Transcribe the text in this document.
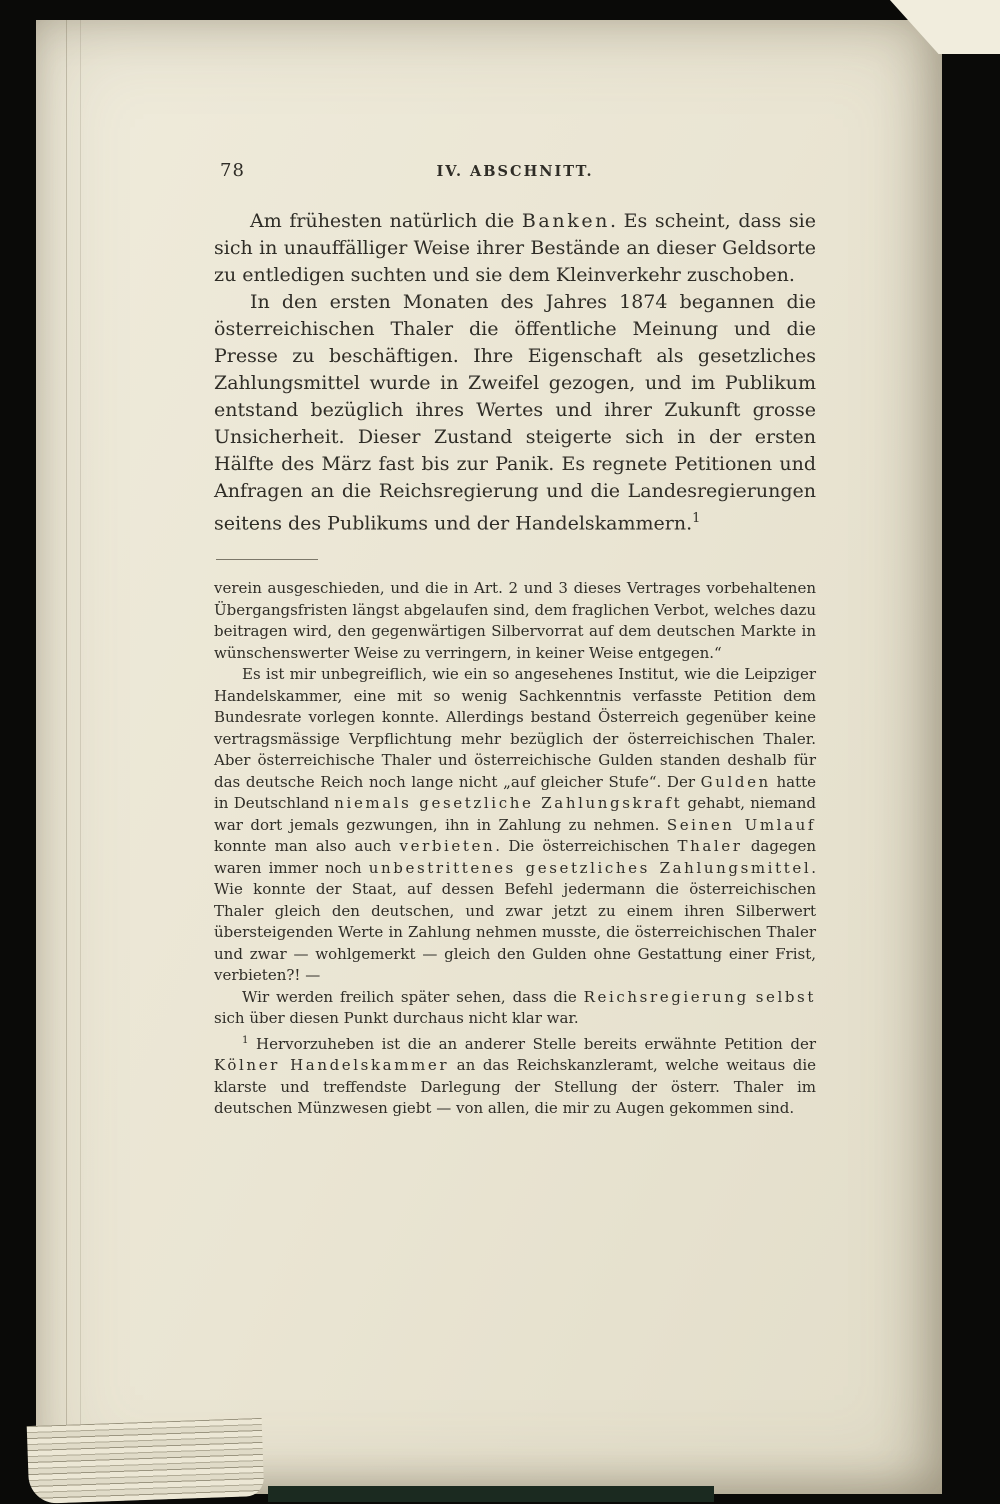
78	IV. ABSCHNITT.

Am frühesten natürlich die Banken. Es scheint, dass sie sich in unauffälliger Weise ihrer Bestände an dieser Geldsorte zu entledigen suchten und sie dem Kleinverkehr zuschoben.

In den ersten Monaten des Jahres 1874 begannen die österreichischen Thaler die öffentliche Meinung und die Presse zu beschäftigen. Ihre Eigenschaft als gesetzliches Zahlungsmittel wurde in Zweifel gezogen, und im Publikum entstand bezüglich ihres Wertes und ihrer Zukunft grosse Unsicherheit. Dieser Zustand steigerte sich in der ersten Hälfte des März fast bis zur Panik. Es regnete Petitionen und Anfragen an die Reichsregierung und die Landesregierungen seitens des Publikums und der Handelskammern.$^1$

verein ausgeschieden, und die in Art. 2 und 3 dieses Vertrages vorbehaltenen Übergangsfristen längst abgelaufen sind, dem fraglichen Verbot, welches dazu beitragen wird, den gegenwärtigen Silbervorrat auf dem deutschen Markte in wünschenswerter Weise zu verringern, in keiner Weise entgegen.“

Es ist mir unbegreiflich, wie ein so angesehenes Institut, wie die Leipziger Handelskammer, eine mit so wenig Sachkenntnis verfasste Petition dem Bundesrate vorlegen konnte. Allerdings bestand Österreich gegenüber keine vertragsmässige Verpflichtung mehr bezüglich der österreichischen Thaler. Aber österreichische Thaler und österreichische Gulden standen deshalb für das deutsche Reich noch lange nicht „auf gleicher Stufe“. Der Gulden hatte in Deutschland niemals gesetzliche Zahlungskraft gehabt, niemand war dort jemals gezwungen, ihn in Zahlung zu nehmen. Seinen Umlauf konnte man also auch verbieten. Die österreichischen Thaler dagegen waren immer noch unbestrittenes gesetzliches Zahlungsmittel. Wie konnte der Staat, auf dessen Befehl jedermann die österreichischen Thaler gleich den deutschen, und zwar jetzt zu einem ihren Silberwert übersteigenden Werte in Zahlung nehmen musste, die österreichischen Thaler und zwar — wohlgemerkt — gleich den Gulden ohne Gestattung einer Frist, verbieten?! —

Wir werden freilich später sehen, dass die Reichsregierung selbst sich über diesen Punkt durchaus nicht klar war.

$^1$ Hervorzuheben ist die an anderer Stelle bereits erwähnte Petition der Kölner Handelskammer an das Reichskanzleramt, welche weitaus die klarste und treffendste Darlegung der Stellung der österr. Thaler im deutschen Münzwesen giebt — von allen, die mir zu Augen gekommen sind.
